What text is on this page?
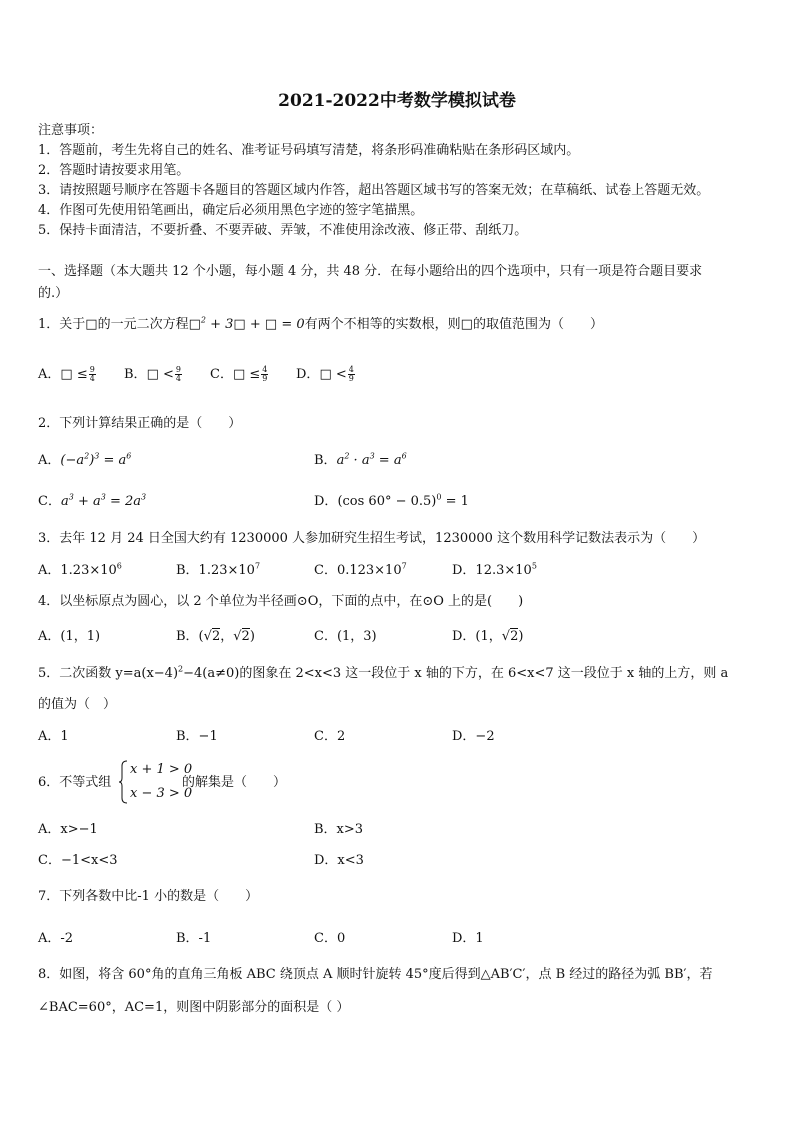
2021-2022中考数学模拟试卷
注意事项：
1．答题前，考生先将自己的姓名、准考证号码填写清楚，将条形码准确粘贴在条形码区域内。
2．答题时请按要求用笔。
3．请按照题号顺序在答题卡各题目的答题区域内作答，超出答题区域书写的答案无效；在草稿纸、试卷上答题无效。
4．作图可先使用铅笔画出，确定后必须用黑色字迹的签字笔描黑。
5．保持卡面清洁，不要折叠、不要弄破、弄皱，不准使用涂改液、修正带、刮纸刀。
一、选择题（本大题共 12 个小题，每小题 4 分，共 48 分．在每小题给出的四个选项中，只有一项是符合题目要求
的.）
1．关于□的一元二次方程□$^2$ + 3□ + □ = 0有两个不相等的实数根，则□的取值范围为（　　）
A．□ ≤ $\frac{9}{4}$ B．□ < $\frac{9}{4}$ C．□ ≤ $\frac{4}{9}$ D．□ < $\frac{4}{9}$
2．下列计算结果正确的是（　　）
A．$(-a^2)^3 = a^6$	B．$a^2 \cdot a^3 = a^6$
C．$a^3 + a^3 = 2a^3$	D．(cos 60° − 0.5)$^0$ = 1
3．去年 12 月 24 日全国大约有 1230000 人参加研究生招生考试，1230000 这个数用科学记数法表示为（　　）
A．$1.23\times 10^6$	B．$1.23\times 10^7$	C．$0.123\times 10^7$	D．$12.3\times 10^5$
4．以坐标原点为圆心，以 2 个单位为半径画⊙O，下面的点中，在⊙O 上的是(　　)
A．(1，1)	B．(√2，√2)	C．(1，3)	D．(1，√2)
5．二次函数 $y=a(x-4)^2-4(a\ne 0)$的图象在 2<x<3 这一段位于 x 轴的下方，在 6<x<7 这一段位于 x 轴的上方，则 a
的值为（　）
A．1	B．−1	C．2	D．−2
6．不等式组
x + 1 > 0
x − 3 > 0
的解集是（　　）
A．x>−1	B．x>3
C．−1<x<3	D．x<3
7．下列各数中比-1 小的数是（　　）
A．-2	B．-1	C．0	D．1
8．如图，将含 60°角的直角三角板 ABC 绕顶点 A 顺时针旋转 45°度后得到△AB′C′，点 B 经过的路径为弧 BB′，若
∠BAC=60°，AC=1，则图中阴影部分的面积是（ ）
